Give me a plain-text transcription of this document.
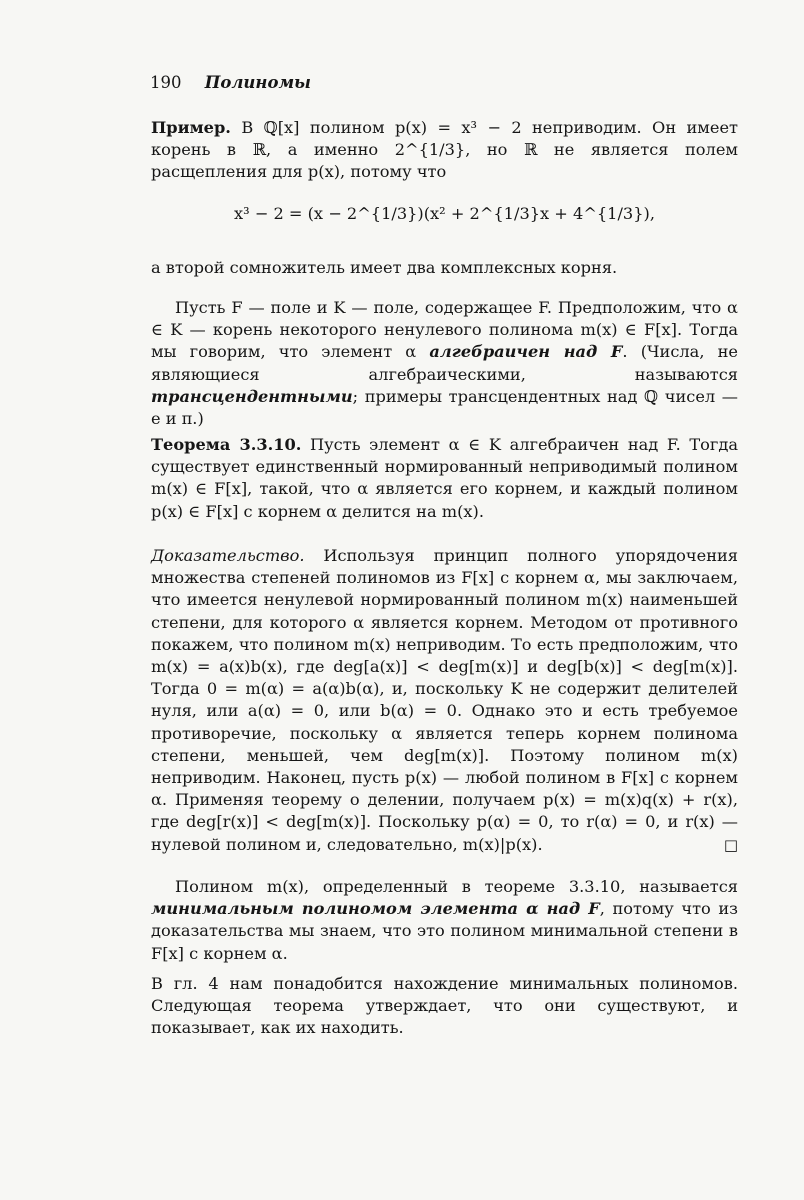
190 Полиномы

Пример. В ℚ[x] полином p(x) = x³ − 2 неприводим. Он имеет корень в ℝ, а именно 2^{1/3}, но ℝ не является полем расщепления для p(x), потому что

x³ − 2 = (x − 2^{1/3})(x² + 2^{1/3}x + 4^{1/3}),

а второй сомножитель имеет два комплексных корня.

Пусть F — поле и K — поле, содержащее F. Предположим, что α ∈ K — корень некоторого ненулевого полинома m(x) ∈ F[x]. Тогда мы говорим, что элемент α алгебраичен над F. (Числа, не являющиеся алгебраическими, называются трансцендентными; примеры трансцендентных над ℚ чисел — e и π.)

Теорема 3.3.10. Пусть элемент α ∈ K алгебраичен над F. Тогда существует единственный нормированный неприводимый полином m(x) ∈ F[x], такой, что α является его корнем, и каждый полином p(x) ∈ F[x] с корнем α делится на m(x).

Доказательство. Используя принцип полного упорядочения множества степеней полиномов из F[x] с корнем α, мы заключаем, что имеется ненулевой нормированный полином m(x) наименьшей степени, для которого α является корнем. Методом от противного покажем, что полином m(x) неприводим. То есть предположим, что m(x) = a(x)b(x), где deg[a(x)] < deg[m(x)] и deg[b(x)] < deg[m(x)]. Тогда 0 = m(α) = a(α)b(α), и, поскольку K не содержит делителей нуля, или a(α) = 0, или b(α) = 0. Однако это и есть требуемое противоречие, поскольку α является теперь корнем полинома степени, меньшей, чем deg[m(x)]. Поэтому полином m(x) неприводим. Наконец, пусть p(x) — любой полином в F[x] с корнем α. Применяя теорему о делении, получаем p(x) = m(x)q(x) + r(x), где deg[r(x)] < deg[m(x)]. Поскольку p(α) = 0, то r(α) = 0, и r(x) — нулевой полином и, следовательно, m(x)|p(x).	□

Полином m(x), определенный в теореме 3.3.10, называется минимальным полиномом элемента α над F, потому что из доказательства мы знаем, что это полином минимальной степени в F[x] с корнем α.

В гл. 4 нам понадобится нахождение минимальных полиномов. Следующая теорема утверждает, что они существуют, и показывает, как их находить.
